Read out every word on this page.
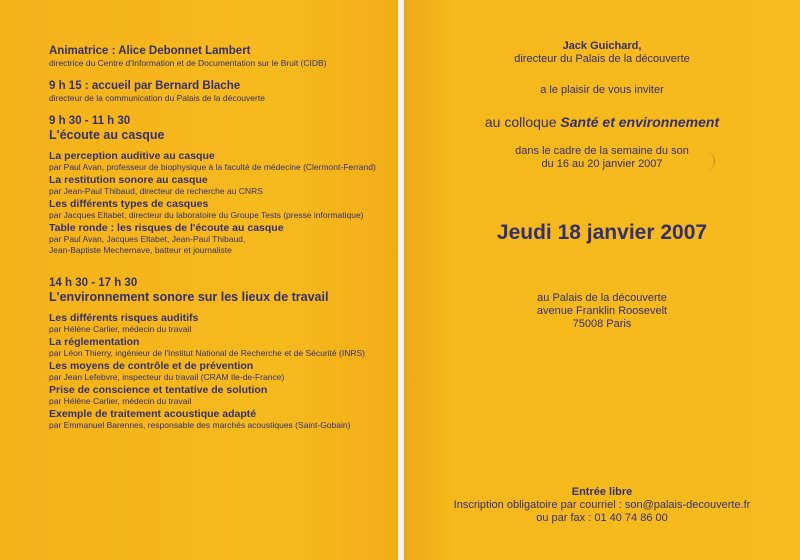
Animatrice : Alice Debonnet Lambert
directrice du Centre d'Information et de Documentation sur le Bruit (CIDB)
9 h 15 : accueil par Bernard Blache
directeur de la communication du Palais de la découverte
9 h 30 - 11 h 30
L'écoute au casque
La perception auditive au casque
par Paul Avan, professeur de biophysique à la faculté de médecine (Clermont-Ferrand)
La restitution sonore au casque
par Jean-Paul Thibaud, directeur de recherche au CNRS
Les différents types de casques
par Jacques Eltabet, directeur du laboratoire du Groupe Tests (presse informatique)
Table ronde : les risques de l'écoute au casque
par Paul Avan, Jacques Eltabet, Jean-Paul Thibaud,
Jean-Baptiste Mechernave, batteur et journaliste
14 h 30 - 17 h 30
L'environnement sonore sur les lieux de travail
Les différents risques auditifs
par Hélène Carlier, médecin du travail
La réglementation
par Léon Thierry, ingénieur de l'Institut National de Recherche et de Sécurité (INRS)
Les moyens de contrôle et de prévention
par Jean Lefebvre, inspecteur du travail (CRAM Ile-de-France)
Prise de conscience et tentative de solution
par Hélène Carlier, médecin du travail
Exemple de traitement acoustique adapté
par Emmanuel Barennes, responsable des marchés acoustiques (Saint-Gobain)
Jack Guichard,
directeur du Palais de la découverte
a le plaisir de vous inviter
au colloque Santé et environnement
dans le cadre de la semaine du son
du 16 au 20 janvier 2007
Jeudi 18 janvier 2007
au Palais de la découverte
avenue Franklin Roosevelt
75008 Paris
Entrée libre
Inscription obligatoire par courriel : son@palais-decouverte.fr
ou par fax : 01 40 74 86 00
